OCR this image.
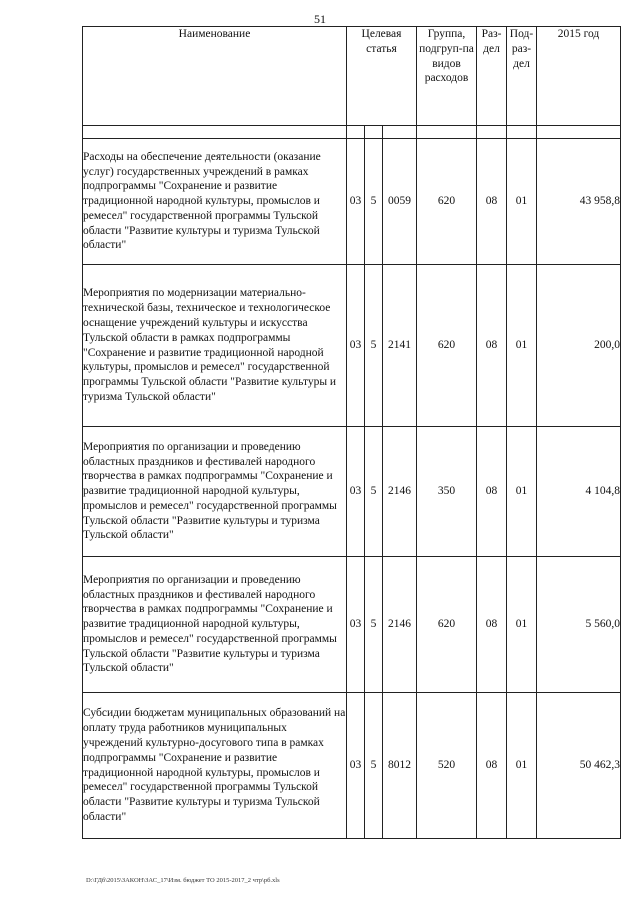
51
Наименование	Целевая статья			Группа, подгруп-па видов расходов	Раз-дел	Под-раз-дел	2015 год

Расходы на обеспечение деятельности (оказание услуг) государственных учреждений в рамках подпрограммы "Сохранение и развитие традиционной народной культуры, промыслов и ремесел" государственной программы Тульской области "Развитие культуры и туризма Тульской области"	03	5	0059	620	08	01	43 958,8
Мероприятия по модернизации материально-технической базы, техническое и технологическое оснащение учреждений культуры и искусства Тульской области в рамках подпрограммы "Сохранение и развитие традиционной народной культуры, промыслов и ремесел" государственной программы Тульской области "Развитие культуры и туризма Тульской области"	03	5	2141	620	08	01	200,0
Мероприятия по организации и проведению областных праздников и фестивалей народного творчества в рамках подпрограммы "Сохранение и развитие традиционной народной культуры, промыслов и ремесел" государственной программы Тульской области "Развитие культуры и туризма Тульской области"	03	5	2146	350	08	01	4 104,8
Мероприятия по организации и проведению областных праздников и фестивалей народного творчества в рамках подпрограммы "Сохранение и развитие традиционной народной культуры, промыслов и ремесел" государственной программы Тульской области "Развитие культуры и туризма Тульской области"	03	5	2146	620	08	01	5 560,0
Субсидии бюджетам муниципальных образований на оплату труда работников муниципальных учреждений культурно-досугового типа в рамках подпрограммы "Сохранение и развитие традиционной народной культуры, промыслов и ремесел" государственной программы Тульской области "Развитие культуры и туризма Тульской области"	03	5	8012	520	08	01	50 462,3
D:\ГДб\2015\ЗАКОН\ЗАС_17\Изм. бюджет ТО 2015-2017_2 чтр\рб.xls
